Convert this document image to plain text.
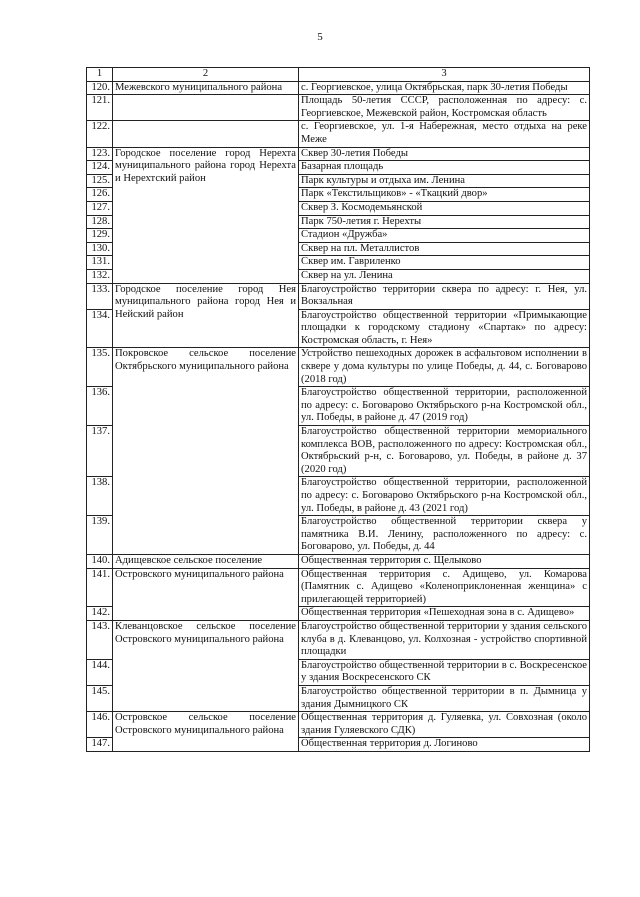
5
1	2	3
120.	Межевского муниципального района	с. Георгиевское, улица Октябрьская, парк 30-летия Победы
121.		Площадь 50-летия СССР, расположенная по адресу: с. Георгиевское, Межевской район, Костромская область
122.		с. Георгиевское, ул. 1-я Набережная, место отдыха на реке Меже
123.	Городское поселение город Нерехта муниципального района город Нерехта и Нерехтский район	Сквер 30-летия Победы
124.		Базарная площадь
125.		Парк культуры и отдыха им. Ленина
126.		Парк «Текстильщиков» - «Ткацкий двор»
127.		Сквер З. Космодемьянской
128.		Парк 750-летия г. Нерехты
129.		Стадион «Дружба»
130.		Сквер на пл. Металлистов
131.		Сквер им. Гавриленко
132.		Сквер на ул. Ленина
133.	Городское поселение город Нея муниципального района город Нея и Нейский район	Благоустройство территории сквера по адресу: г. Нея, ул. Вокзальная
134.		Благоустройство общественной территории «Примыкающие площадки к городскому стадиону «Спартак» по адресу: Костромская область, г. Нея»
135.	Покровское сельское поселение Октябрьского муниципального района	Устройство пешеходных дорожек в асфальтовом исполнении в сквере у дома культуры по улице Победы, д. 44, с. Боговарово (2018 год)
136.		Благоустройство общественной территории, расположенной по адресу: с. Боговарово Октябрьского р-на Костромской обл., ул. Победы, в районе д. 47 (2019 год)
137.		Благоустройство общественной территории мемориального комплекса ВОВ, расположенного по адресу: Костромская обл., Октябрьский р-н, с. Боговарово, ул. Победы, в районе д. 37 (2020 год)
138.		Благоустройство общественной территории, расположенной по адресу: с. Боговарово Октябрьского р-на Костромской обл., ул. Победы, в районе д. 43 (2021 год)
139.		Благоустройство общественной территории сквера у памятника В.И. Ленину, расположенного по адресу: с. Боговарово, ул. Победы, д. 44
140.	Адищевское сельское поселение	Общественная территория с. Щелыково
141.	Островского муниципального района	Общественная территория с. Адищево, ул. Комарова (Памятник с. Адищево «Коленоприклоненная женщина» с прилегающей территорией)
142.		Общественная территория «Пешеходная зона в с. Адищево»
143.	Клеванцовское сельское поселение Островского муниципального района	Благоустройство общественной территории у здания сельского клуба в д. Клеванцово, ул. Колхозная - устройство спортивной площадки
144.		Благоустройство общественной территории в с. Воскресенское у здания Воскресенского СК
145.		Благоустройство общественной территории в п. Дымница у здания Дымницкого СК
146.	Островское сельское поселение Островского муниципального района	Общественная территория д. Гуляевка, ул. Совхозная (около здания Гуляевского СДК)
147.		Общественная территория д. Логиново
